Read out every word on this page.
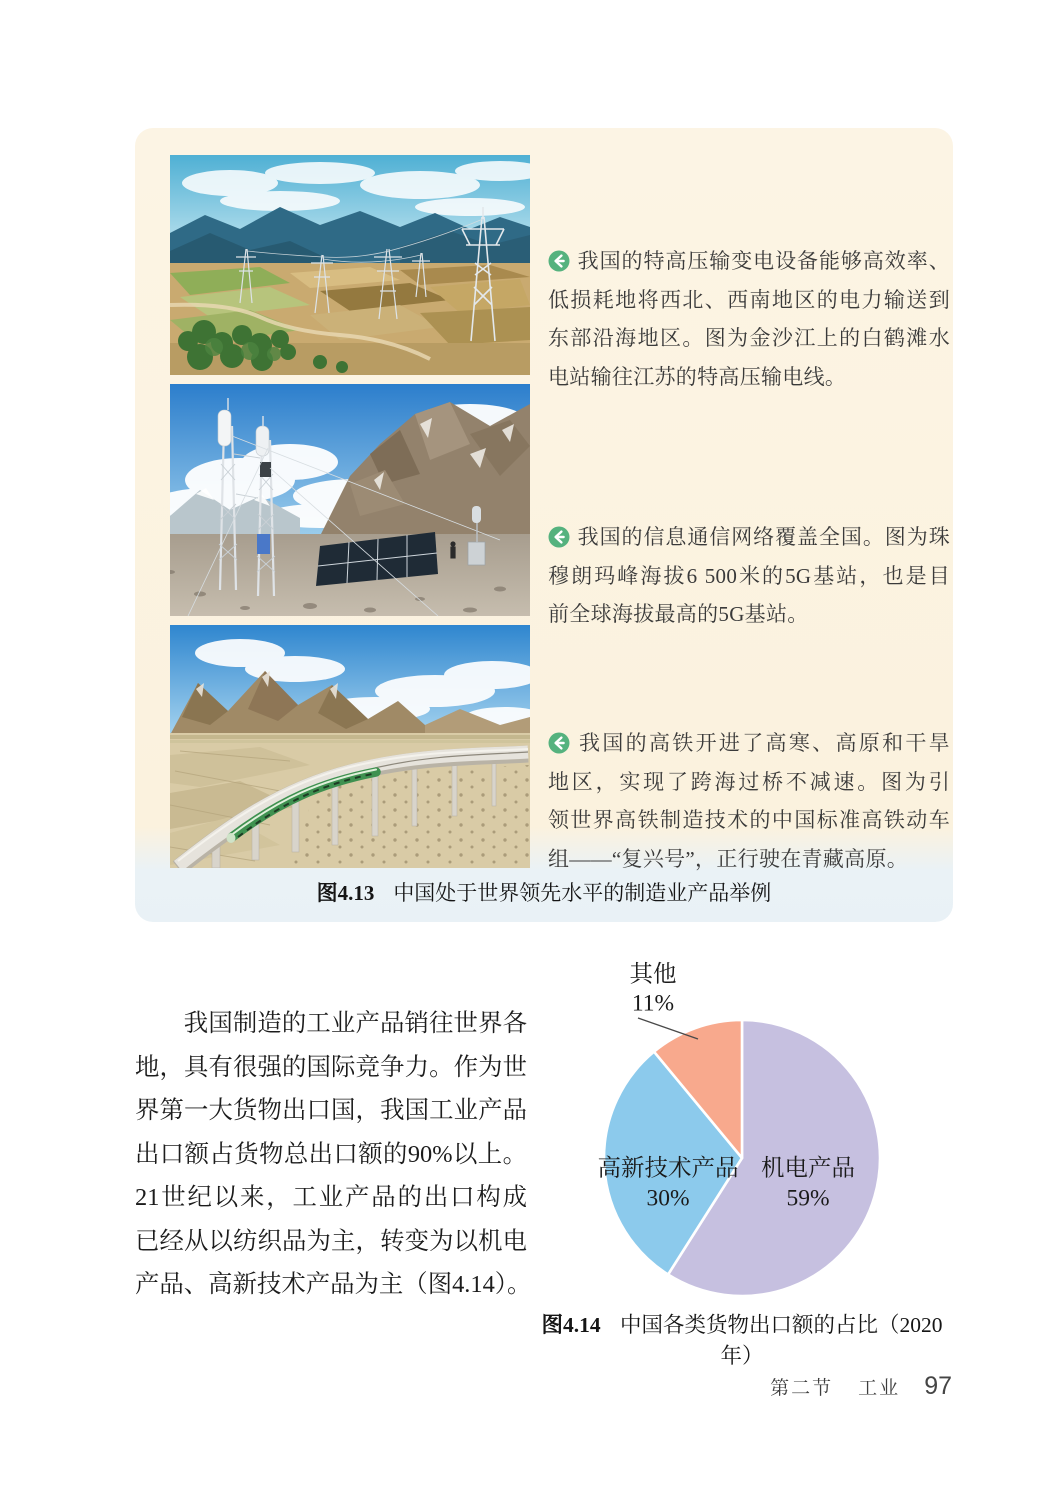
我国的特高压输变电设备能够高效率、
低损耗地将西北、西南地区的电力输送到
东部沿海地区。图为金沙江上的白鹤滩水
电站输往江苏的特高压输电线。
我国的信息通信网络覆盖全国。图为珠
穆朗玛峰海拔6 500米的5G基站，也是目
前全球海拔最高的5G基站。
我国的高铁开进了高寒、高原和干旱
地区，实现了跨海过桥不减速。图为引
领世界高铁制造技术的中国标准高铁动车
组——“复兴号”，正行驶在青藏高原。
图4.13 中国处于世界领先水平的制造业产品举例
我国制造的工业产品销往世界各
地，具有很强的国际竞争力。作为世
界第一大货物出口国，我国工业产品
出口额占货物总出口额的90%以上。
21世纪以来，工业产品的出口构成
已经从以纺织品为主，转变为以机电
产品、高新技术产品为主（图4.14）。
其他
11%
高新技术产品
30%
机电产品
59%
图4.14 中国各类货物出口额的占比（2020年）
第二节 工业 97
